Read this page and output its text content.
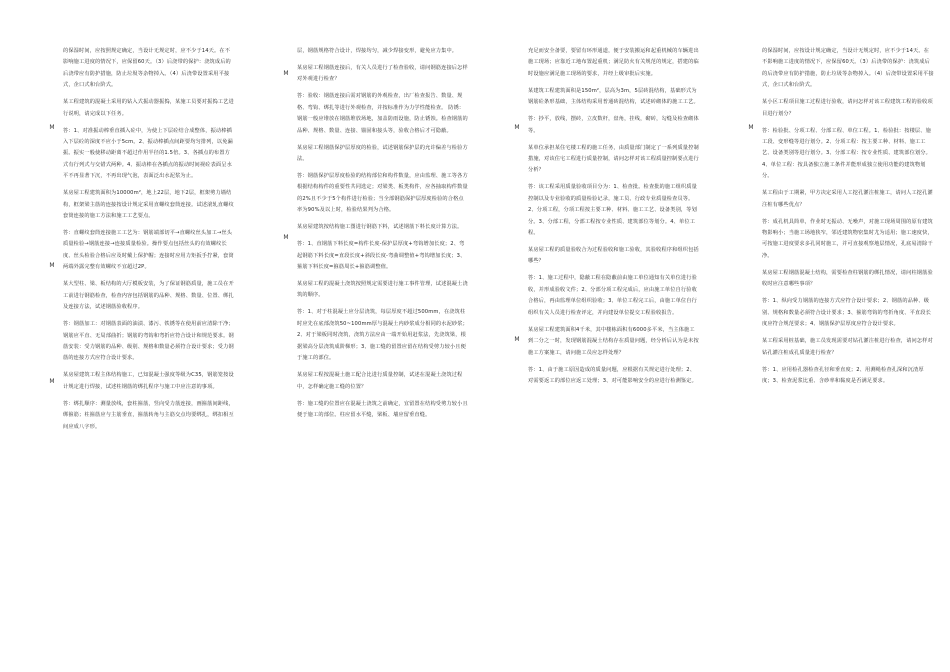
的保湿时间，应按照规定确定，当设计无规定时，应不少于14天。在不影响施工进度的情况下，应保留60天。（3）后浇带的保护：浇筑成后的后浇带应有防护措施，防止垃圾等杂物掉入。（4）后浇带设置采用平接式，企口式和台阶式。

某工程建筑的混凝土采用的钻入式振动器振捣，某施工员要对振捣工艺进行说明，请完成以下任务。

答：1、对准振动棒垂直插入砼中，为使上下层砼结合成整体，振动棒插入下层砼的深度不应小于5cm。2、振动棒插点间距要均匀排列，以免漏振。振实一般使移动距离不超过作用半径的1.5倍。3、各插点的布置方式有行列式与交错式两种。4、振动棒在各插点的振动时间视砼表面呈水平不再显著下沉，不再出现气泡，表面泛出水泥浆为止。

某房屋工程建筑面积为10000m²，地上22层，地下2层，框架剪力墙结构，框架梁主筋的连接按设计规定采用直螺纹套筒连接。试述滚轧直螺纹套筒连接的施工方法和施工工艺要点。

答：直螺纹套筒连接施工工艺为：钢筋端部切平→直螺纹丝头加工→丝头质量检验→钢筋连接→连接质量检验。操作要点包括丝头的有效螺纹长度、丝头检验合格后应及时戴上保护帽；连接时应用力矩扳手拧紧，套筒两端外露完整有效螺纹不宜超过2P。

某大型柱、梁、板结构的大厅模板安装，为了保证钢筋质量，施工员在开工前进行钢筋检查，检查内容包括钢筋的品种、规格、数量、位置、绑扎及连接方法，试述钢筋验收程序。

答：钢筋加工：对钢筋表面的油渍、漆污、铁锈等在使用前应清除干净；钢筋应平直、无局部曲折；钢筋的弯钩和弯折应符合设计和规范要求。钢筋安装：受力钢筋的品种、级别、规格和数量必须符合设计要求；受力钢筋的连接方式应符合设计要求。

某房屋建筑工程主体结构施工，已知混凝土强度等级为C35，钢筋笼按设计规定进行焊接，试述柱钢筋的绑扎程序与施工中应注意的事项。

答：绑扎顺序：测量放线，套柱箍筋，竖向受力筋连接，画箍筋间距线，绑箍筋；柱箍筋应与主筋垂直，箍筋转角与主筋交点均要绑扎，绑扣相互间应成八字形。

层，钢筋规格符合设计，焊接均匀，减少焊接变形，避免应力集中。

某房屋工程钢筋连接后，有关人员进行了检查验收，请问钢筋连接后怎样对外观进行检查？

答：验收：钢筋连接后需对钢筋的外观检查，出厂检查报告、数量、规格、弯钩、绑扎等进行外观检查，并按标准作为力学性能检查。 防锈：钢筋一般应堆放在钢筋堆放场地，加盖防雨设施，防止锈蚀。检查钢筋的品种、规格、数量、连接、锚固和接头等，验收合格后才可隐蔽。

某房屋工程钢筋保护层厚度的检验，试述钢筋保护层的允许偏差与检验方法。

答：钢筋保护层厚度检验的结构部位和构件数量，应由监理、施工等各方根据结构构件的重要性共同选定；对梁类、板类构件，应各抽取构件数量的2%且不少于5个构件进行检验；当全部钢筋保护层厚度检验的合格点率为90%及以上时，检验结果判为合格。

某房屋建筑按结构施工图进行钢筋下料，试述钢筋下料长度计算方法。

答：1、直钢筋下料长度=构件长度-保护层厚度+弯钩增加长度；2、弯起钢筋下料长度=直段长度+斜段长度-弯曲调整值+弯钩增加长度；3、箍筋下料长度=箍筋周长+箍筋调整值。

某房屋工程的混凝土浇筑按照规定需要进行施工事件管理，试述混凝土浇筑的顺序。

答：1、对于柱混凝土应分层浇筑，每层厚度不超过500mm，在浇筑柱时应先在底部浇筑50~100mm厚与混凝土内砂浆成分相同的水泥砂浆；2、对于梁板同时浇筑，浇筑方法应由一端开始用赶浆法，先浇筑梁，根据梁高分层浇筑成阶梯形；3、施工缝的留置应留在结构受剪力较小且便于施工的部位。

某房屋工程按混凝土施工配合比进行质量控制，试述在混凝土浇筑过程中，怎样确定施工缝的位置？

答：施工缝的位置应在混凝土浇筑之前确定，宜留置在结构受剪力较小且便于施工的部位。柱应留水平缝，梁板、墙应留垂直缝。

充足而安全备要，要留有环形通道，便于安装搬运和起重机械的车辆进出施工现场；应靠近工地布置起重机；满足防火有关规范的规定，搭建的临时设施应满足施工现场的要求，并经上级审批后实施。

某建筑工程建筑面积是150m²，层高为3m，5层砖混结构，基础形式为钢筋砼条形基础，主体结构采用普通砖混结构，试述砖砌体的施工工艺。

答：抄平，放线，摆砖，立皮数杆，盘角，挂线，砌砖，勾缝及检查砌体等。

某单位承担某住宅楼工程的施工任务，由质量部门制定了一系列质量控制措施，对该住宅工程进行质量控制，请问怎样对该工程质量控制要点进行分析？

答：该工程采用质量验收项目分为：1、检查批。检查批的施工组织质量控制以及专业验收的质量检验记录，施工员、行政专业质量检查员等。2、分项工程，分项工程按主要工种、材料、施工工艺、设备类别，等划分。3、分部工程，分部工程按专业性质、建筑部位等划分。4、单位工程。

某房屋工程的质量验收合为过程验收和施工验收，其验收程序和组织包括哪些？

答：1、施工过程中，隐蔽工程在隐蔽前由施工单位通知有关单位进行验收，并形成验收文件；2、分部分项工程完成后，应由施工单位自行验收合格后，再由监理单位组织验收；3、单位工程完工后，由施工单位自行组织有关人员进行检查评定，并向建设单位提交工程验收报告。

某房屋工程建筑面积4千米，其中楼栋面积有6000多平米，当主体施工到二分之一时，发现钢筋混凝土结构存在质量问题，经分析后认为是未按施工方案施工，请问施工员应怎样处理？

答：1、由于施工原因造成的质量问题，应根据有关规定进行处理；2、对需要返工的部位应返工处理；3、对可能影响安全的应进行检测鉴定。

的保湿时间，应按设计规定确定，当设计无规定时，应不少于14天。在不影响施工进度的情况下，应保留60天。（3）后浇带的保护：浇筑成后的后浇带应有防护措施，防止垃圾等杂物掉入。（4）后浇带设置采用平接式，企口式和台阶式。

某小区工程项目施工过程进行验收，请问怎样对该工程建筑工程的验收项目进行划分？

答：检验批、分项工程、分部工程、单位工程。1、检验批：按楼层、施工段、变形缝等进行划分。2、分项工程：按主要工种、材料、施工工艺、设备类别等进行划分。3、分部工程：按专业性质、建筑部位划分。4、单位工程：按具备独立施工条件并能形成独立使用功能的建筑物划分。

某工程由于工期紧，甲方决定采用人工挖孔灌注桩施工，请问人工挖孔灌注桩有哪些优点？

答：成孔机具简单，作业时无振动、无噪声，对施工现场周围的原有建筑物影响小；当施工场地狭窄，邻近建筑物密集时尤为适用；施工速度快，可按施工进度要求多孔同时施工，并可直接观察地层情况，孔底易清除干净。

某房屋工程钢筋混凝土结构，需要检查柱钢筋的绑扎情况，请问柱钢筋验收时应注意哪些事项？

答：1、纵向受力钢筋的连接方式应符合设计要求；2、钢筋的品种、级别、规格和数量必须符合设计要求；3、箍筋弯钩的弯折角度、平直段长度应符合规范要求；4、钢筋保护层厚度应符合设计要求。

某工程采用桩基础，施工员发现需要对钻孔灌注桩进行检查，请问怎样对钻孔灌注桩成孔质量进行检查？

答：1、应用检孔器检查孔径和垂直度；2、用测绳检查孔深和沉渣厚度；3、检查泥浆比重、含砂率和黏度是否满足要求。

M
M
M
M
M
M
M
M
